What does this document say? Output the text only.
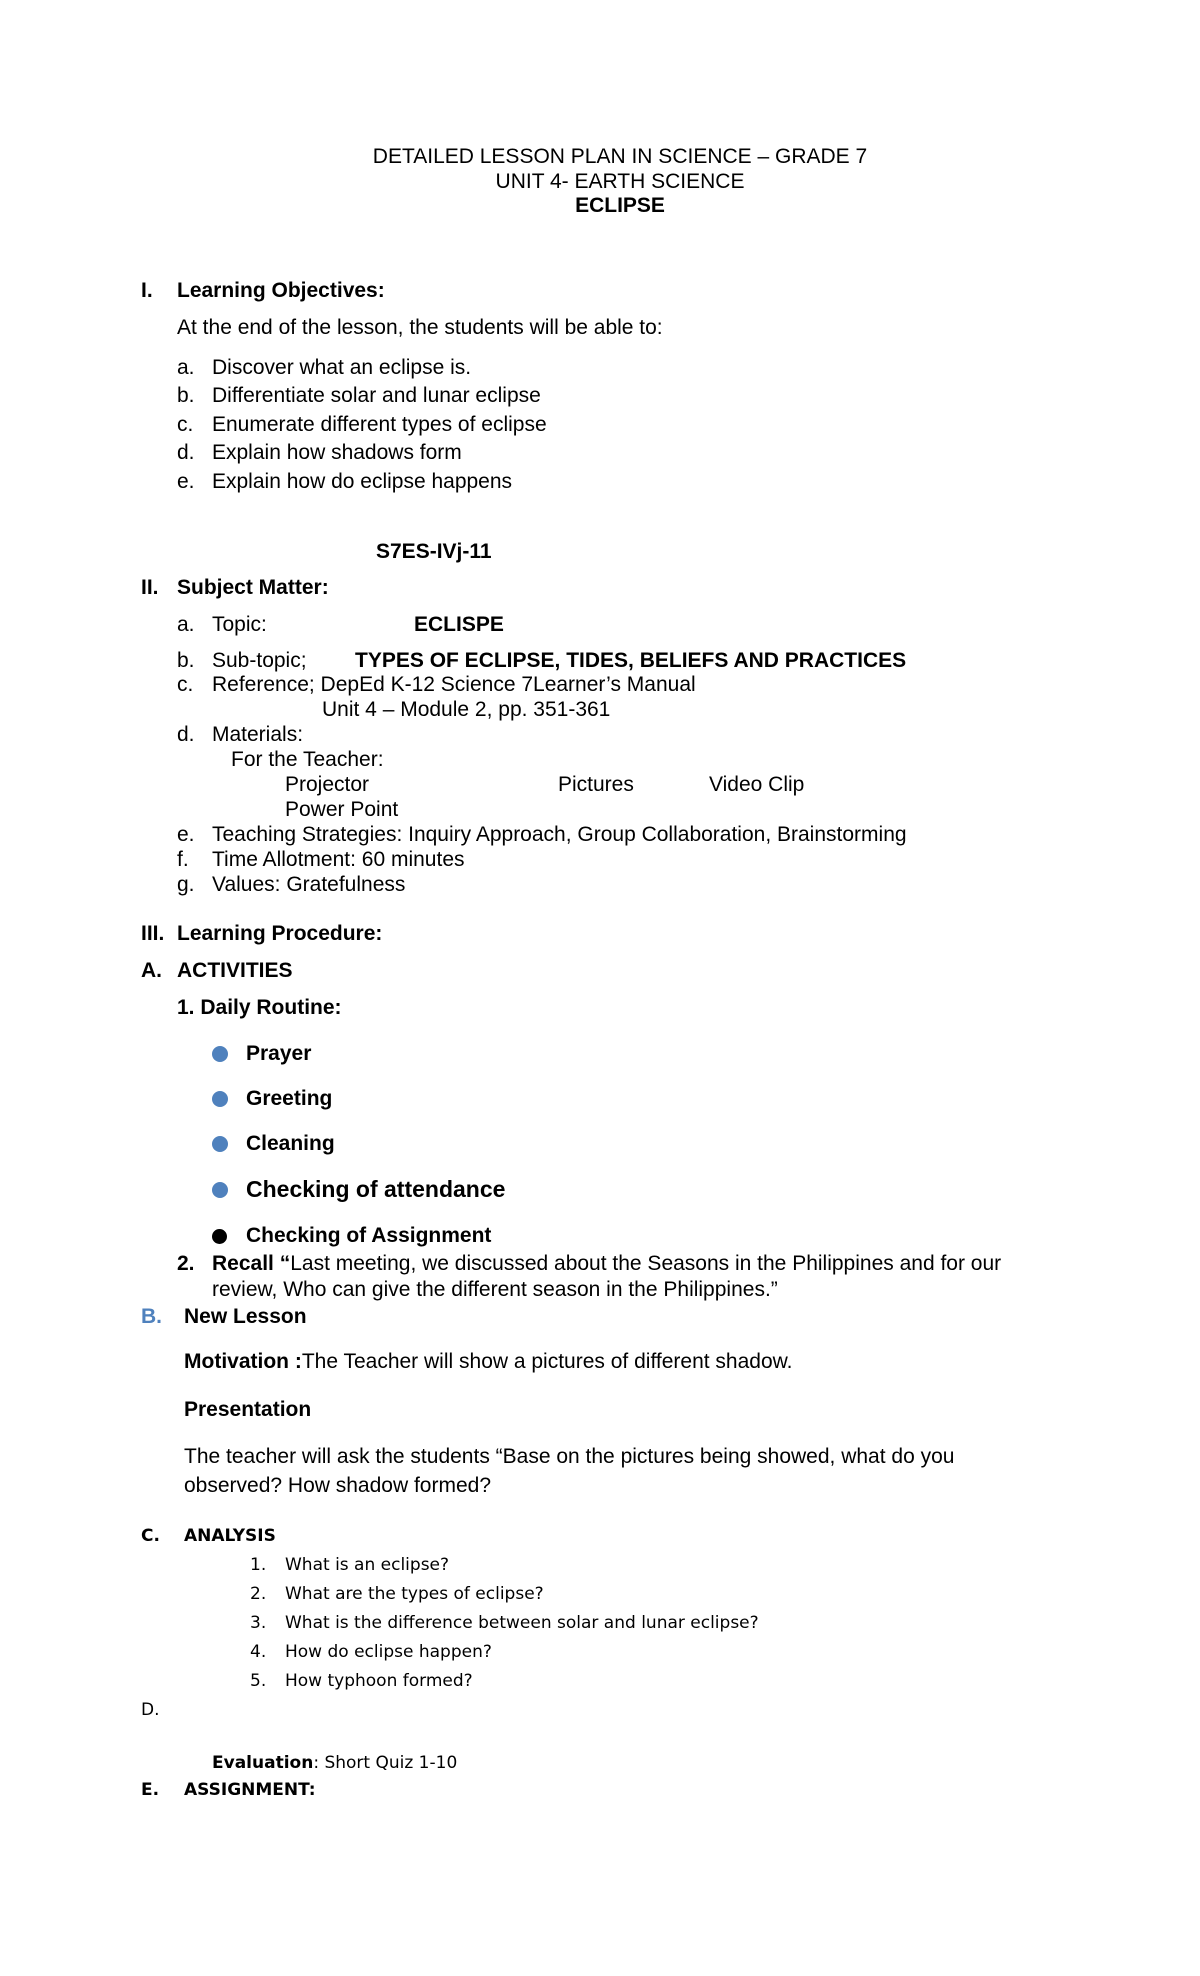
DETAILED LESSON PLAN IN SCIENCE – GRADE 7
UNIT 4- EARTH SCIENCE
ECLIPSE
I. Learning Objectives:
At the end of the lesson, the students will be able to:
a. Discover what an eclipse is.
b. Differentiate solar and lunar eclipse
c. Enumerate different types of eclipse
d. Explain how shadows form
e. Explain how do eclipse happens
S7ES-IVj-11
II. Subject Matter:
a. Topic:	ECLISPE
b. Sub-topic; TYPES OF ECLIPSE, TIDES, BELIEFS AND PRACTICES
c. Reference; DepEd K-12 Science 7Learner’s Manual
Unit 4 – Module 2, pp. 351-361
d. Materials:
For the Teacher:
Projector	Pictures	Video Clip
Power Point
e. Teaching Strategies: Inquiry Approach, Group Collaboration, Brainstorming
f. Time Allotment: 60 minutes
g. Values: Gratefulness
III. Learning Procedure:
A. ACTIVITIES
1. Daily Routine:
Prayer
Greeting
Cleaning
Checking of attendance
Checking of Assignment
2. Recall “Last meeting, we discussed about the Seasons in the Philippines and for our
review, Who can give the different season in the Philippines.”
B. New Lesson
Motivation :The Teacher will show a pictures of different shadow.
Presentation
The teacher will ask the students “Base on the pictures being showed, what do you
observed? How shadow formed?
C. ANALYSIS
1. What is an eclipse?
2. What are the types of eclipse?
3. What is the difference between solar and lunar eclipse?
4. How do eclipse happen?
5. How typhoon formed?
D.
Evaluation: Short Quiz 1-10
E. ASSIGNMENT:
